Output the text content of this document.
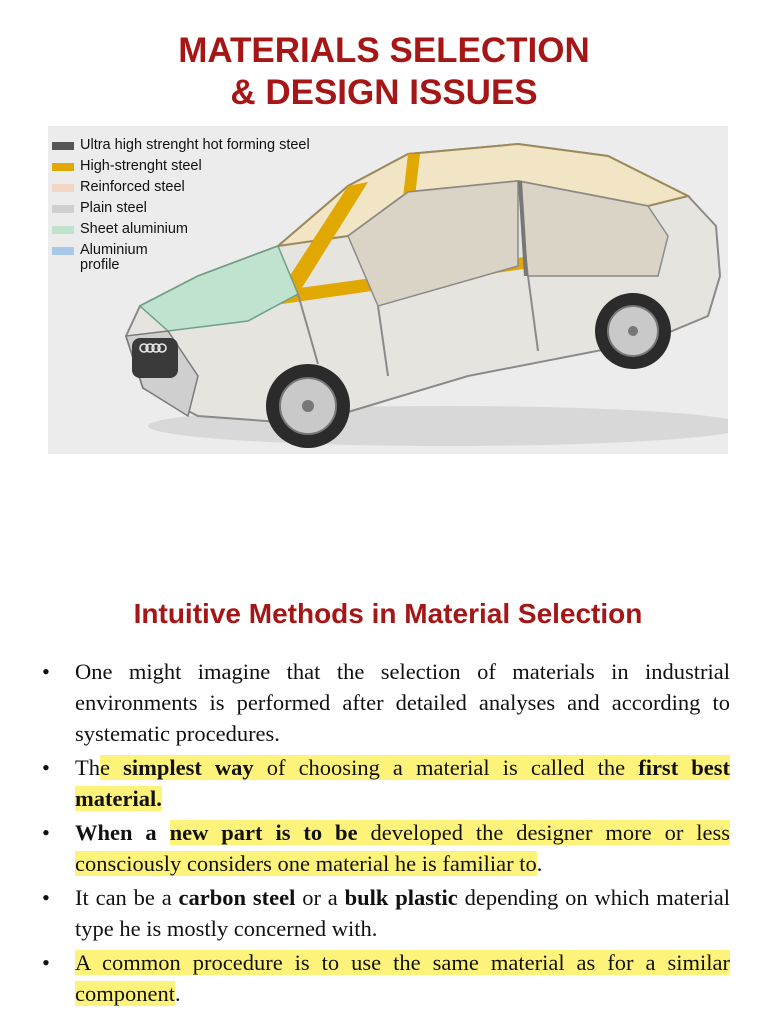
MATERIALS SELECTION
& DESIGN ISSUES
Ultra high strenght hot forming steel
High-strenght steel
Reinforced steel
Plain steel
Sheet aluminium
Aluminium
profile
Intuitive Methods in Material Selection
• One might imagine that the selection of materials in industrial environments is performed after detailed analyses and according to systematic procedures.
• The simplest way of choosing a material is called the first best material.
• When a new part is to be developed the designer more or less consciously considers one material he is familiar to.
• It can be a carbon steel or a bulk plastic depending on which material type he is mostly concerned with.
• A common procedure is to use the same material as for a similar component.
